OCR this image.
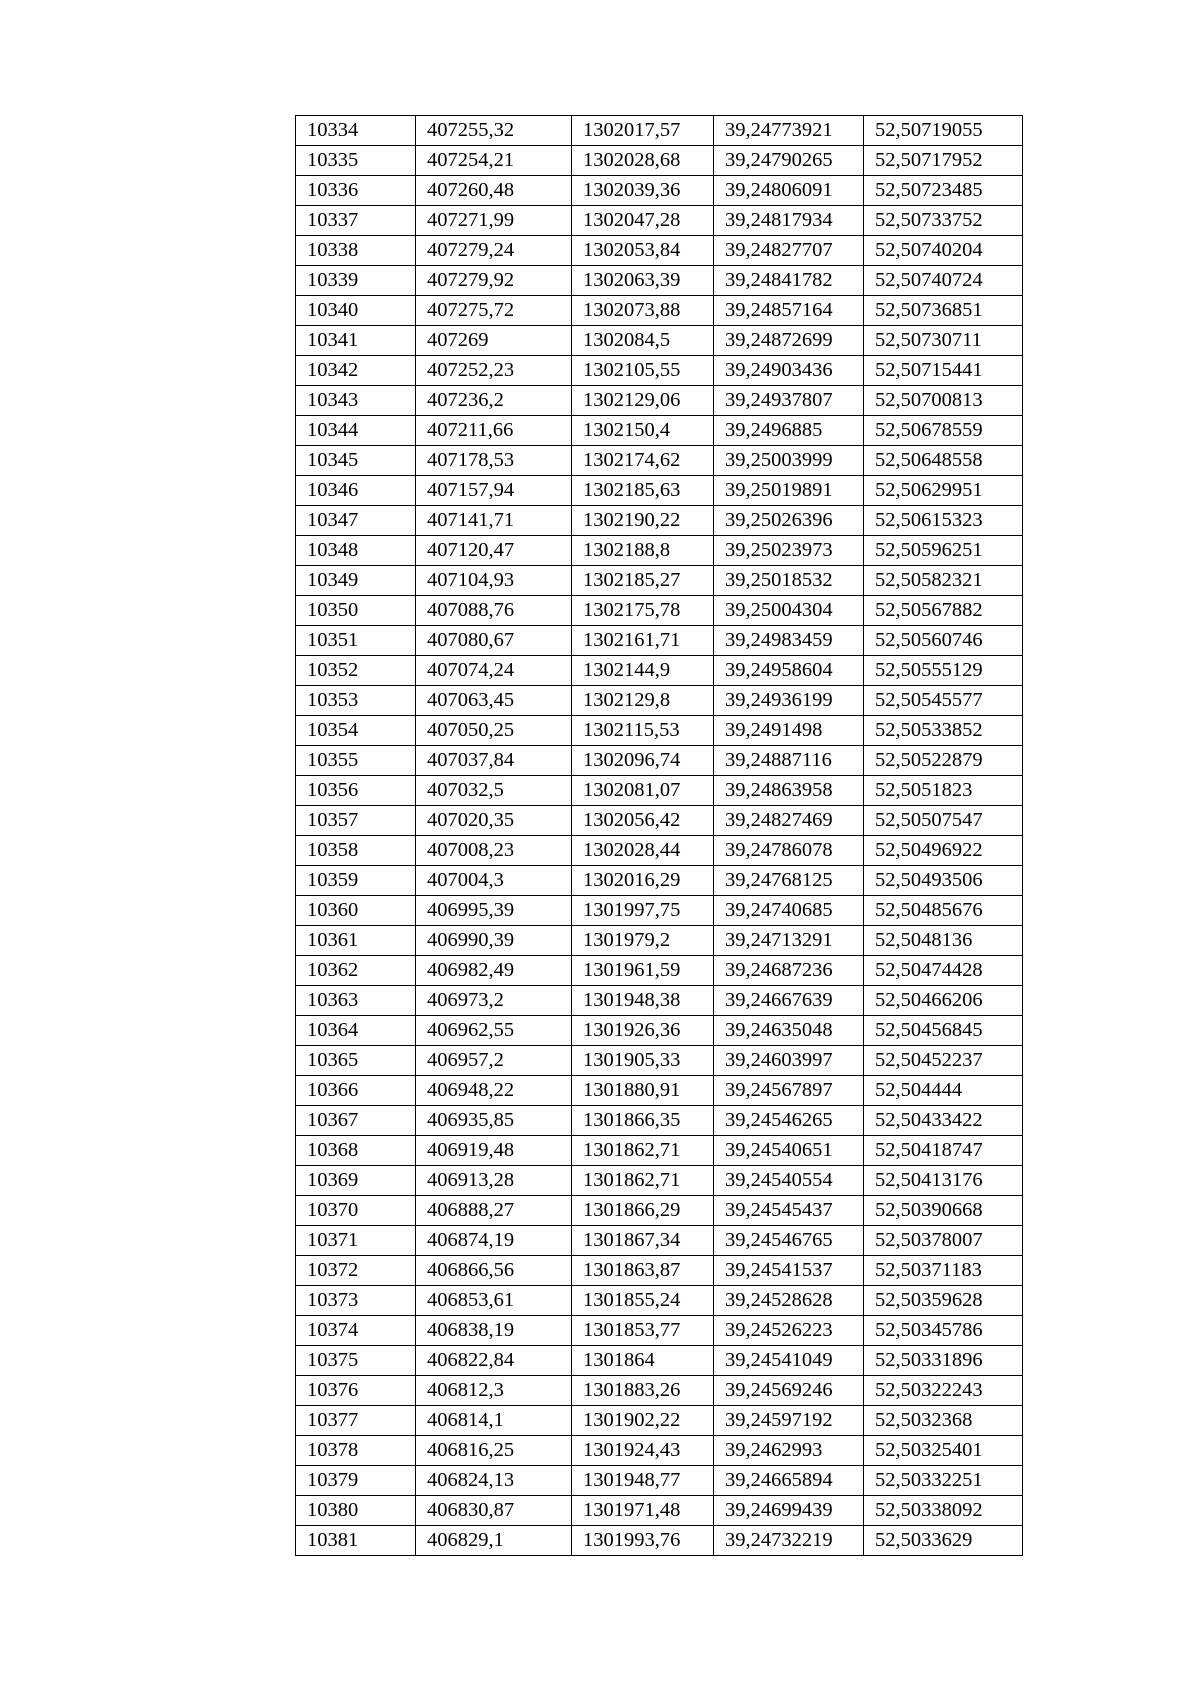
10334	407255,32	1302017,57	39,24773921	52,50719055
10335	407254,21	1302028,68	39,24790265	52,50717952
10336	407260,48	1302039,36	39,24806091	52,50723485
10337	407271,99	1302047,28	39,24817934	52,50733752
10338	407279,24	1302053,84	39,24827707	52,50740204
10339	407279,92	1302063,39	39,24841782	52,50740724
10340	407275,72	1302073,88	39,24857164	52,50736851
10341	407269	1302084,5	39,24872699	52,50730711
10342	407252,23	1302105,55	39,24903436	52,50715441
10343	407236,2	1302129,06	39,24937807	52,50700813
10344	407211,66	1302150,4	39,2496885	52,50678559
10345	407178,53	1302174,62	39,25003999	52,50648558
10346	407157,94	1302185,63	39,25019891	52,50629951
10347	407141,71	1302190,22	39,25026396	52,50615323
10348	407120,47	1302188,8	39,25023973	52,50596251
10349	407104,93	1302185,27	39,25018532	52,50582321
10350	407088,76	1302175,78	39,25004304	52,50567882
10351	407080,67	1302161,71	39,24983459	52,50560746
10352	407074,24	1302144,9	39,24958604	52,50555129
10353	407063,45	1302129,8	39,24936199	52,50545577
10354	407050,25	1302115,53	39,2491498	52,50533852
10355	407037,84	1302096,74	39,24887116	52,50522879
10356	407032,5	1302081,07	39,24863958	52,5051823
10357	407020,35	1302056,42	39,24827469	52,50507547
10358	407008,23	1302028,44	39,24786078	52,50496922
10359	407004,3	1302016,29	39,24768125	52,50493506
10360	406995,39	1301997,75	39,24740685	52,50485676
10361	406990,39	1301979,2	39,24713291	52,5048136
10362	406982,49	1301961,59	39,24687236	52,50474428
10363	406973,2	1301948,38	39,24667639	52,50466206
10364	406962,55	1301926,36	39,24635048	52,50456845
10365	406957,2	1301905,33	39,24603997	52,50452237
10366	406948,22	1301880,91	39,24567897	52,504444
10367	406935,85	1301866,35	39,24546265	52,50433422
10368	406919,48	1301862,71	39,24540651	52,50418747
10369	406913,28	1301862,71	39,24540554	52,50413176
10370	406888,27	1301866,29	39,24545437	52,50390668
10371	406874,19	1301867,34	39,24546765	52,50378007
10372	406866,56	1301863,87	39,24541537	52,50371183
10373	406853,61	1301855,24	39,24528628	52,50359628
10374	406838,19	1301853,77	39,24526223	52,50345786
10375	406822,84	1301864	39,24541049	52,50331896
10376	406812,3	1301883,26	39,24569246	52,50322243
10377	406814,1	1301902,22	39,24597192	52,5032368
10378	406816,25	1301924,43	39,2462993	52,50325401
10379	406824,13	1301948,77	39,24665894	52,50332251
10380	406830,87	1301971,48	39,24699439	52,50338092
10381	406829,1	1301993,76	39,24732219	52,5033629
